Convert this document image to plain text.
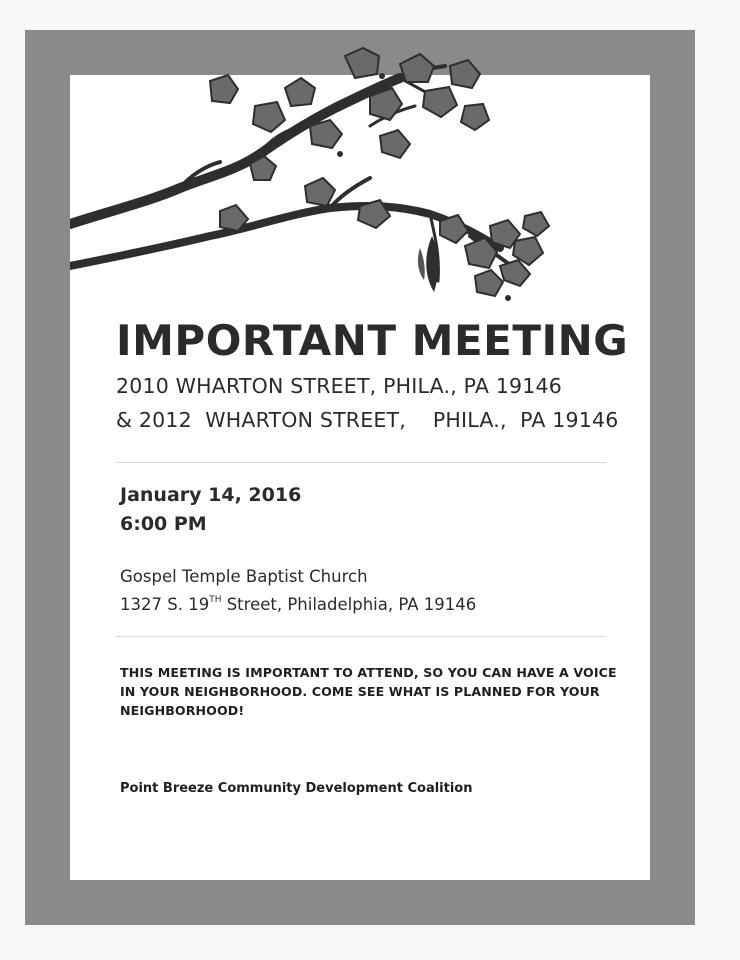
IMPORTANT MEETING
2010 WHARTON STREET, PHILA., PA 19146
& 2012  WHARTON STREET,    PHILA.,  PA 19146
January 14, 2016
6:00 PM
Gospel Temple Baptist Church
1327 S. 19TH Street, Philadelphia, PA 19146
THIS MEETING IS IMPORTANT TO ATTEND, SO YOU CAN HAVE A VOICE IN YOUR NEIGHBORHOOD. COME SEE WHAT IS PLANNED FOR YOUR NEIGHBORHOOD!
Point Breeze Community Development Coalition
